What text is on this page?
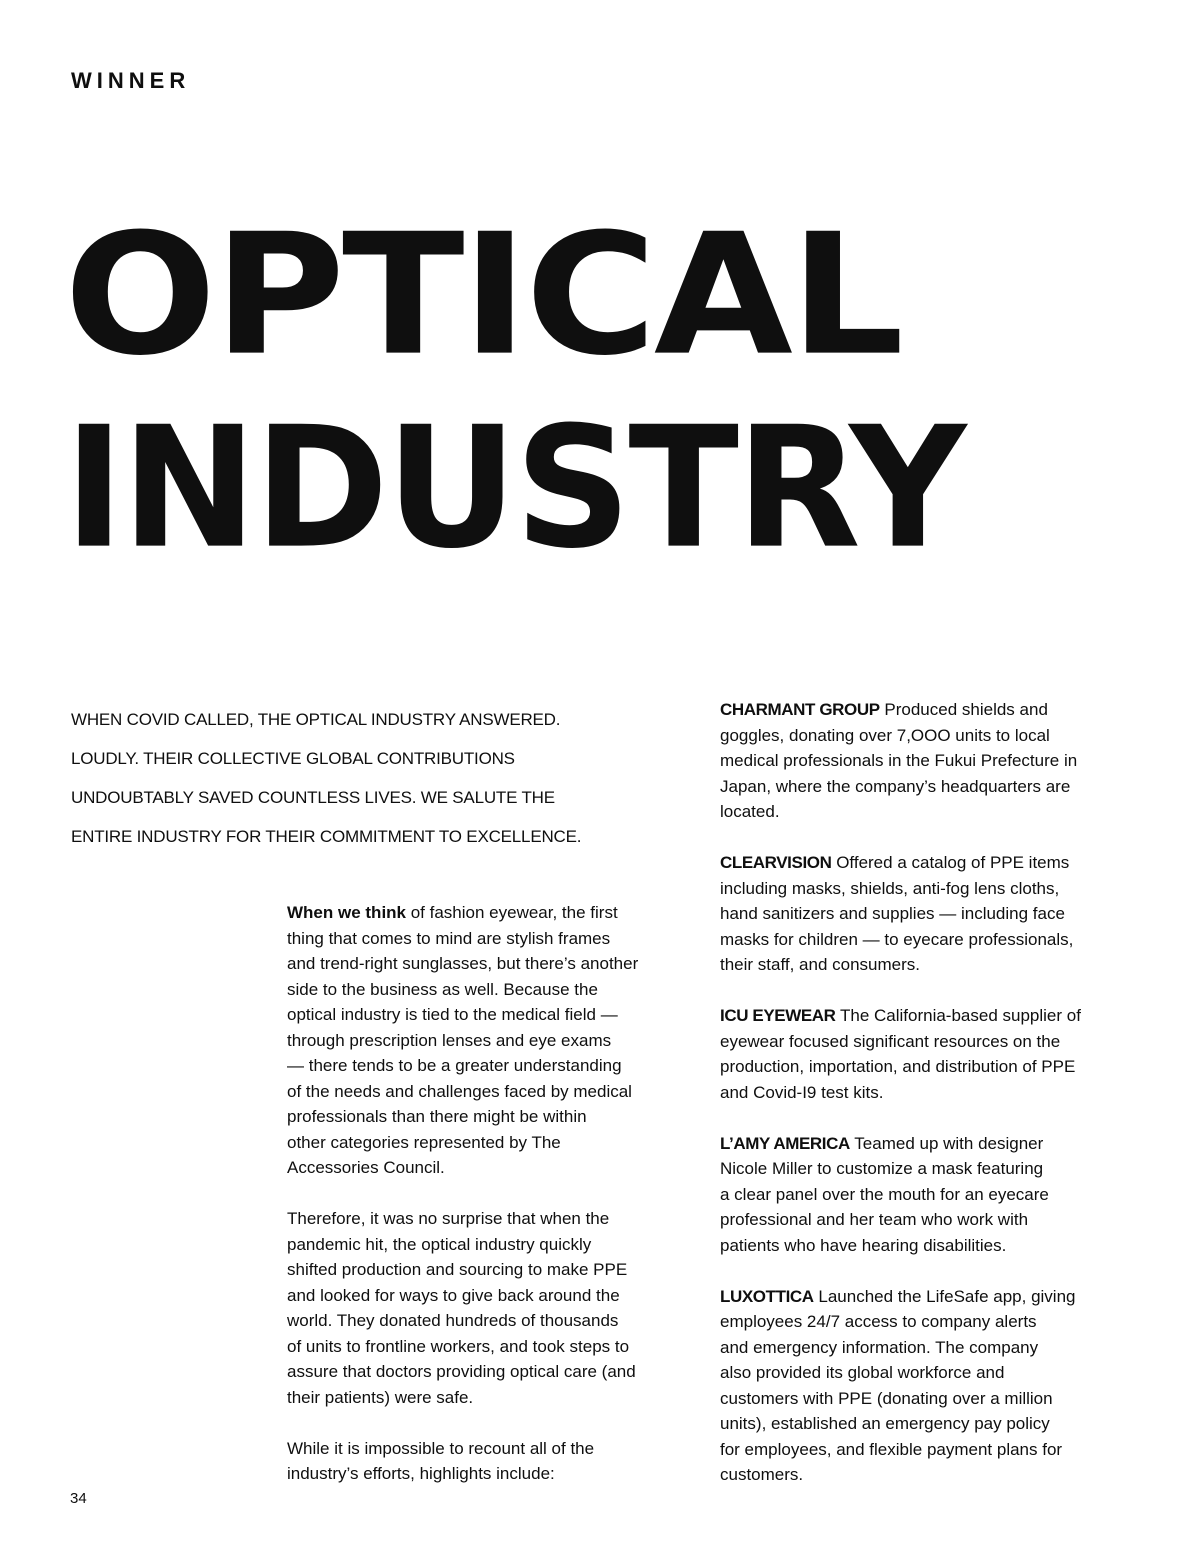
WINNER
OPTICAL
INDUSTRY
WHEN COVID CALLED, THE OPTICAL INDUSTRY ANSWERED.
LOUDLY. THEIR COLLECTIVE GLOBAL CONTRIBUTIONS
UNDOUBTABLY SAVED COUNTLESS LIVES. WE SALUTE THE
ENTIRE INDUSTRY FOR THEIR COMMITMENT TO EXCELLENCE.

When we think of fashion eyewear, the first
thing that comes to mind are stylish frames
and trend-right sunglasses, but there’s another
side to the business as well. Because the
optical industry is tied to the medical field —
through prescription lenses and eye exams
— there tends to be a greater understanding
of the needs and challenges faced by medical
professionals than there might be within
other categories represented by The
Accessories Council.

Therefore, it was no surprise that when the
pandemic hit, the optical industry quickly
shifted production and sourcing to make PPE
and looked for ways to give back around the
world. They donated hundreds of thousands
of units to frontline workers, and took steps to
assure that doctors providing optical care (and
their patients) were safe.

While it is impossible to recount all of the
industry’s efforts, highlights include:

CHARMANT GROUP Produced shields and
goggles, donating over 7,OOO units to local
medical professionals in the Fukui Prefecture in
Japan, where the company’s headquarters are
located.

CLEARVISION Offered a catalog of PPE items
including masks, shields, anti-fog lens cloths,
hand sanitizers and supplies — including face
masks for children — to eyecare professionals,
their staff, and consumers.

ICU EYEWEAR The California-based supplier of
eyewear focused significant resources on the
production, importation, and distribution of PPE
and Covid-I9 test kits.

L’AMY AMERICA Teamed up with designer
Nicole Miller to customize a mask featuring
a clear panel over the mouth for an eyecare
professional and her team who work with
patients who have hearing disabilities.

LUXOTTICA Launched the LifeSafe app, giving
employees 24/7 access to company alerts
and emergency information. The company
also provided its global workforce and
customers with PPE (donating over a million
units), established an emergency pay policy
for employees, and flexible payment plans for
customers.

34
